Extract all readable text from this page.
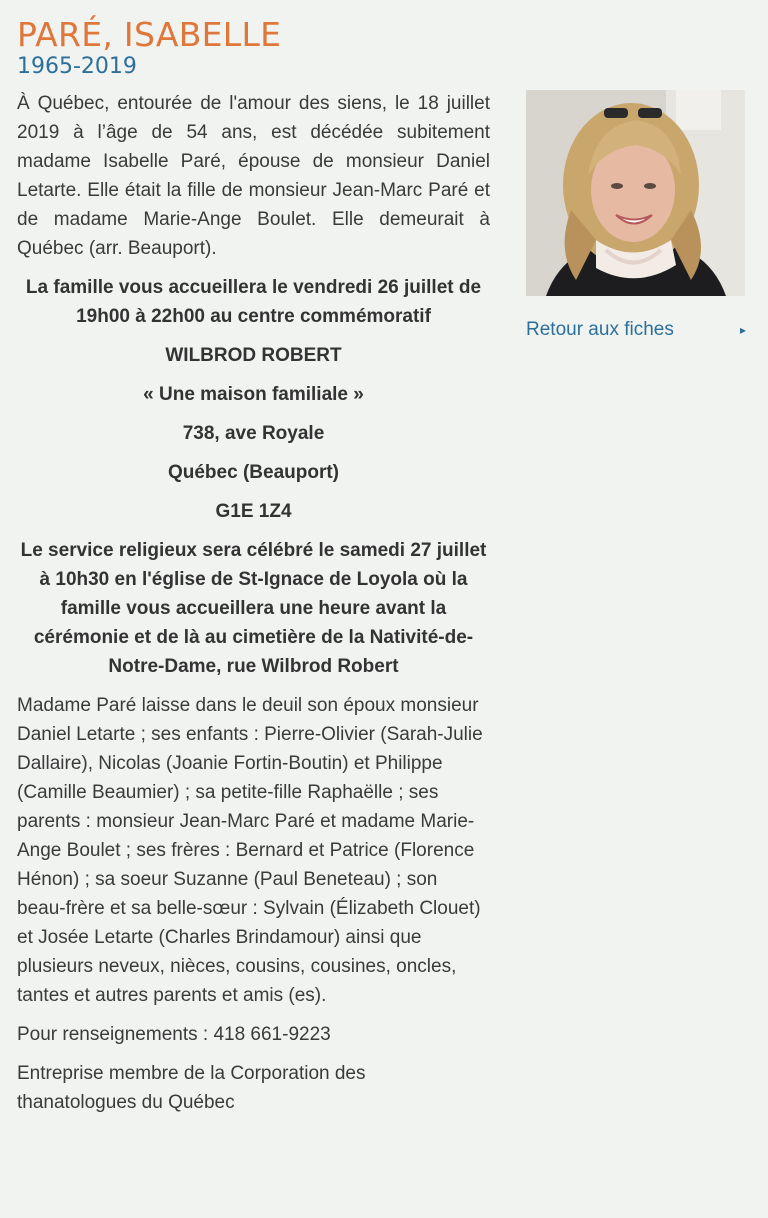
PARÉ, ISABELLE
1965-2019

À Québec, entourée de l'amour des siens, le 18 juillet 2019 à l’âge de 54 ans, est décédée subitement madame Isabelle Paré, épouse de monsieur Daniel Letarte. Elle était la fille de monsieur Jean-Marc Paré et de madame Marie-Ange Boulet. Elle demeurait à Québec (arr. Beauport).

La famille vous accueillera le vendredi 26 juillet de 19h00 à 22h00 au centre commémoratif

WILBROD ROBERT

« Une maison familiale »

738, ave Royale

Québec (Beauport)

G1E 1Z4

Le service religieux sera célébré le samedi 27 juillet à 10h30 en l'église de St-Ignace de Loyola où la famille vous accueillera une heure avant la cérémonie et de là au cimetière de la Nativité-de-Notre-Dame, rue Wilbrod Robert

Madame Paré laisse dans le deuil son époux monsieur Daniel Letarte ; ses enfants : Pierre-Olivier (Sarah-Julie Dallaire), Nicolas (Joanie Fortin-Boutin) et Philippe (Camille Beaumier) ; sa petite-fille Raphaëlle ; ses parents : monsieur Jean-Marc Paré et madame Marie-Ange Boulet ; ses frères : Bernard et Patrice (Florence Hénon) ; sa soeur Suzanne (Paul Beneteau) ; son beau-frère et sa belle-sœur : Sylvain (Élizabeth Clouet) et Josée Letarte (Charles Brindamour) ainsi que plusieurs neveux, nièces, cousins, cousines, oncles, tantes et autres parents et amis (es).

Pour renseignements : 418 661-9223

Entreprise membre de la Corporation des thanatologues du Québec

Retour aux fiches	▸
